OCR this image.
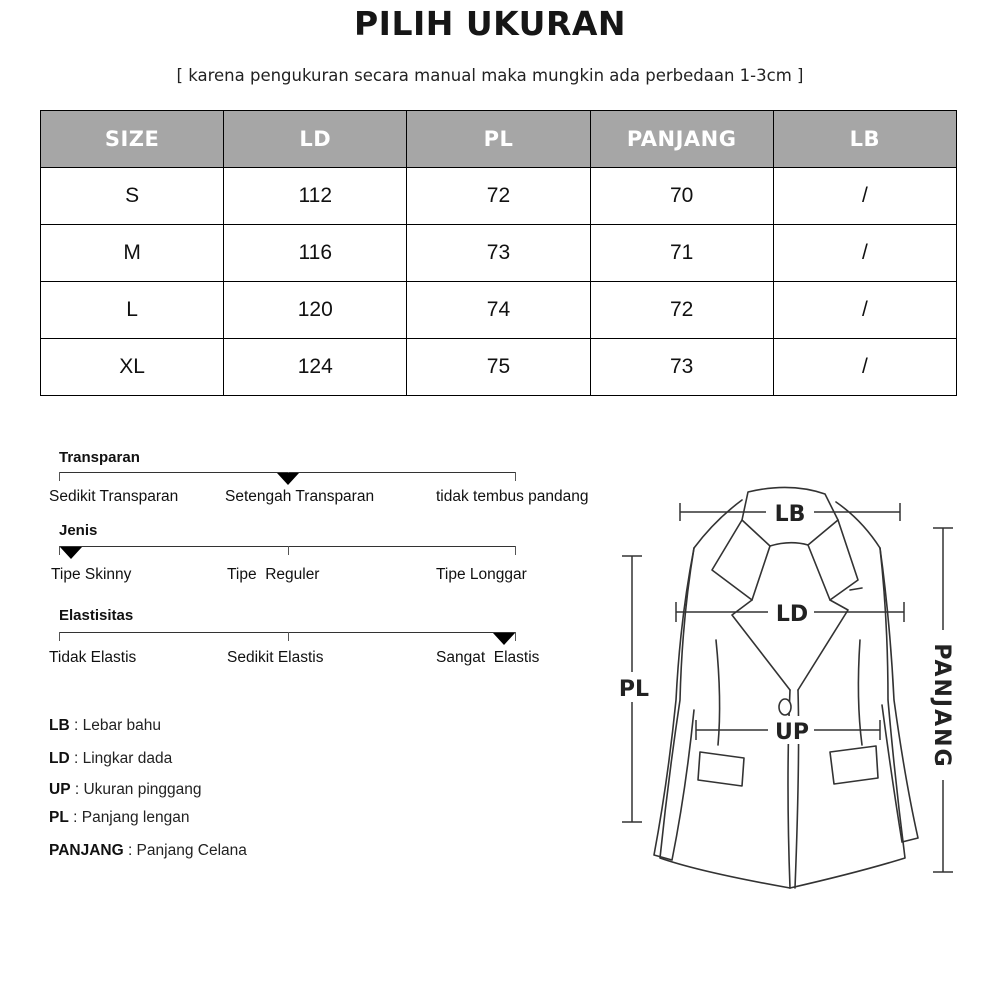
PILIH UKURAN
[ karena pengukuran secara manual maka mungkin ada perbedaan 1-3cm ]
SIZE	LD	PL	PANJANG	LB
S	112	72	70	/
M	116	73	71	/
L	120	74	72	/
XL	124	75	73	/
Transparan
Sedikit Transparan	Setengah Transparan	tidak tembus pandang
Jenis
Tipe Skinny	Tipe  Reguler	Tipe Longgar
Elastisitas
Tidak Elastis	Sedikit Elastis	Sangat  Elastis
LB : Lebar bahu
LD : Lingkar dada
UP : Ukuran pinggang
PL : Panjang lengan
PANJANG : Panjang Celana
LB
LD
UP
PL	PANJANG
